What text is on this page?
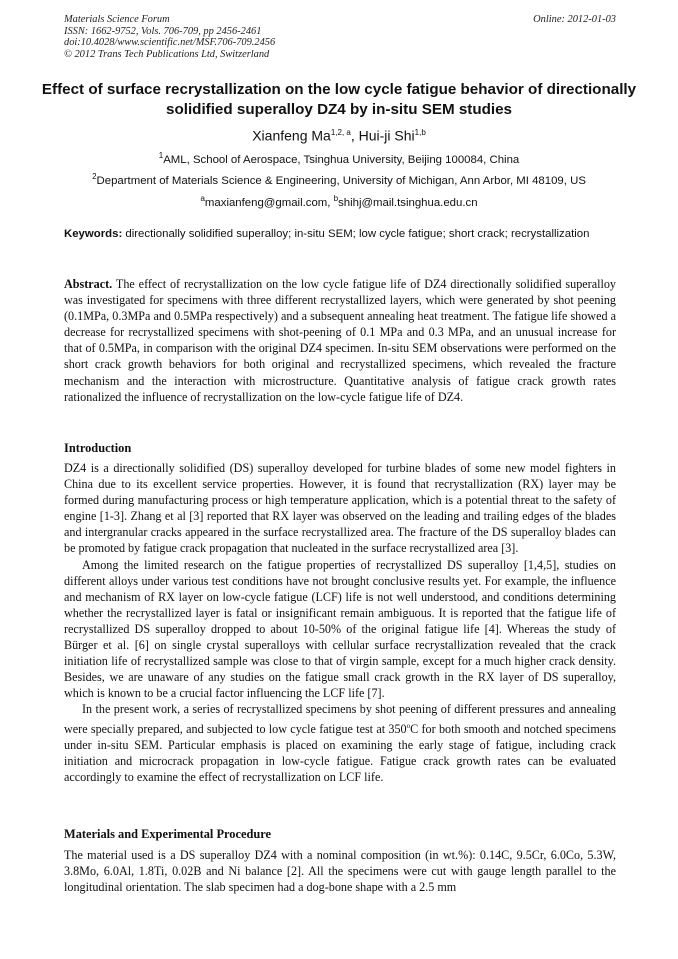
Materials Science Forum
ISSN: 1662-9752, Vols. 706-709, pp 2456-2461
doi:10.4028/www.scientific.net/MSF.706-709.2456
© 2012 Trans Tech Publications Ltd, Switzerland
Online: 2012-01-03
Effect of surface recrystallization on the low cycle fatigue behavior of directionally solidified superalloy DZ4 by in-situ SEM studies
Xianfeng Ma$^{1,2, a}$, Hui-ji Shi$^{1,b}$
$^1$AML, School of Aerospace, Tsinghua University, Beijing 100084, China
$^2$Department of Materials Science & Engineering, University of Michigan, Ann Arbor, MI 48109, US
$^a$maxianfeng@gmail.com, $^b$shihj@mail.tsinghua.edu.cn
Keywords: directionally solidified superalloy; in-situ SEM; low cycle fatigue; short crack; recrystallization
Abstract. The effect of recrystallization on the low cycle fatigue life of DZ4 directionally solidified superalloy was investigated for specimens with three different recrystallized layers, which were generated by shot peening (0.1MPa, 0.3MPa and 0.5MPa respectively) and a subsequent annealing heat treatment. The fatigue life showed a decrease for recrystallized specimens with shot-peening of 0.1 MPa and 0.3 MPa, and an unusual increase for that of 0.5MPa, in comparison with the original DZ4 specimen. In-situ SEM observations were performed on the short crack growth behaviors for both original and recrystallized specimens, which revealed the fracture mechanism and the interaction with microstructure. Quantitative analysis of fatigue crack growth rates rationalized the influence of recrystallization on the low-cycle fatigue life of DZ4.
Introduction
DZ4 is a directionally solidified (DS) superalloy developed for turbine blades of some new model fighters in China due to its excellent service properties. However, it is found that recrystallization (RX) layer may be formed during manufacturing process or high temperature application, which is a potential threat to the safety of engine [1-3]. Zhang et al [3] reported that RX layer was observed on the leading and trailing edges of the blades and intergranular cracks appeared in the surface recrystallized area. The fracture of the DS superalloy blades can be promoted by fatigue crack propagation that nucleated in the surface recrystallized area [3].
Among the limited research on the fatigue properties of recrystallized DS superalloy [1,4,5], studies on different alloys under various test conditions have not brought conclusive results yet. For example, the influence and mechanism of RX layer on low-cycle fatigue (LCF) life is not well understood, and conditions determining whether the recrystallized layer is fatal or insignificant remain ambiguous. It is reported that the fatigue life of recrystallized DS superalloy dropped to about 10-50% of the original fatigue life [4]. Whereas the study of Bürger et al. [6] on single crystal superalloys with cellular surface recrystallization revealed that the crack initiation life of recrystallized sample was close to that of virgin sample, except for a much higher crack density. Besides, we are unaware of any studies on the fatigue small crack growth in the RX layer of DS superalloy, which is known to be a crucial factor influencing the LCF life [7].
In the present work, a series of recrystallized specimens by shot peening of different pressures and annealing were specially prepared, and subjected to low cycle fatigue test at 350$^o$C for both smooth and notched specimens under in-situ SEM. Particular emphasis is placed on examining the early stage of fatigue, including crack initiation and microcrack propagation in low-cycle fatigue. Fatigue crack growth rates can be evaluated accordingly to examine the effect of recrystallization on LCF life.
Materials and Experimental Procedure
The material used is a DS superalloy DZ4 with a nominal composition (in wt.%): 0.14C, 9.5Cr, 6.0Co, 5.3W, 3.8Mo, 6.0Al, 1.8Ti, 0.02B and Ni balance [2]. All the specimens were cut with gauge length parallel to the longitudinal orientation. The slab specimen had a dog-bone shape with a 2.5 mm
